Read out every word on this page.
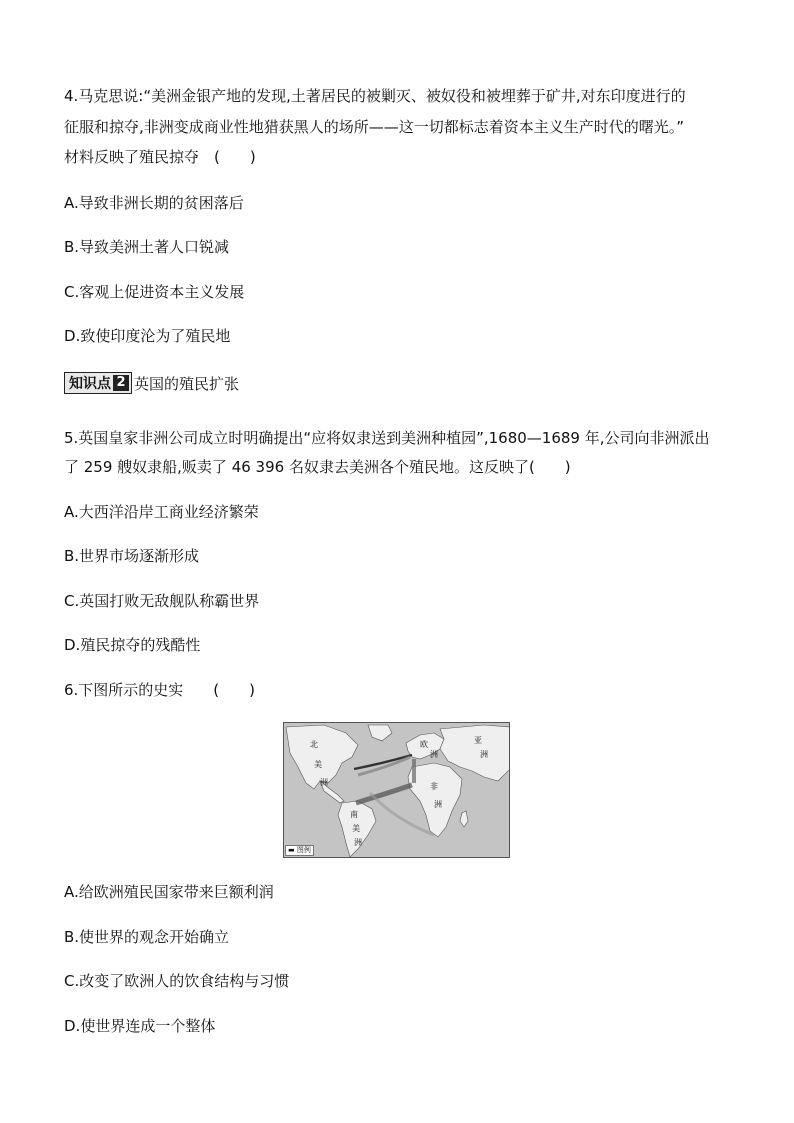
4.马克思说:“美洲金银产地的发现,土著居民的被剿灭、被奴役和被埋葬于矿井,对东印度进行的
征服和掠夺,非洲变成商业性地猎获黑人的场所——这一切都标志着资本主义生产时代的曙光。”
材料反映了殖民掠夺　(　　)
A.导致非洲长期的贫困落后
B.导致美洲土著人口锐减
C.客观上促进资本主义发展
D.致使印度沦为了殖民地
知识点 2 英国的殖民扩张
5.英国皇家非洲公司成立时明确提出“应将奴隶送到美洲种植园”,1680—1689 年,公司向非洲派出
了 259 艘奴隶船,贩卖了 46 396 名奴隶去美洲各个殖民地。这反映了(　　)
A.大西洋沿岸工商业经济繁荣
B.世界市场逐渐形成
C.英国打败无敌舰队称霸世界
D.殖民掠夺的残酷性
6.下图所示的史实　　(　　)
北
美
洲
欧
洲
亚
洲
非
洲
南
美
洲
▬ 图例
A.给欧洲殖民国家带来巨额利润
B.使世界的观念开始确立
C.改变了欧洲人的饮食结构与习惯
D.使世界连成一个整体
